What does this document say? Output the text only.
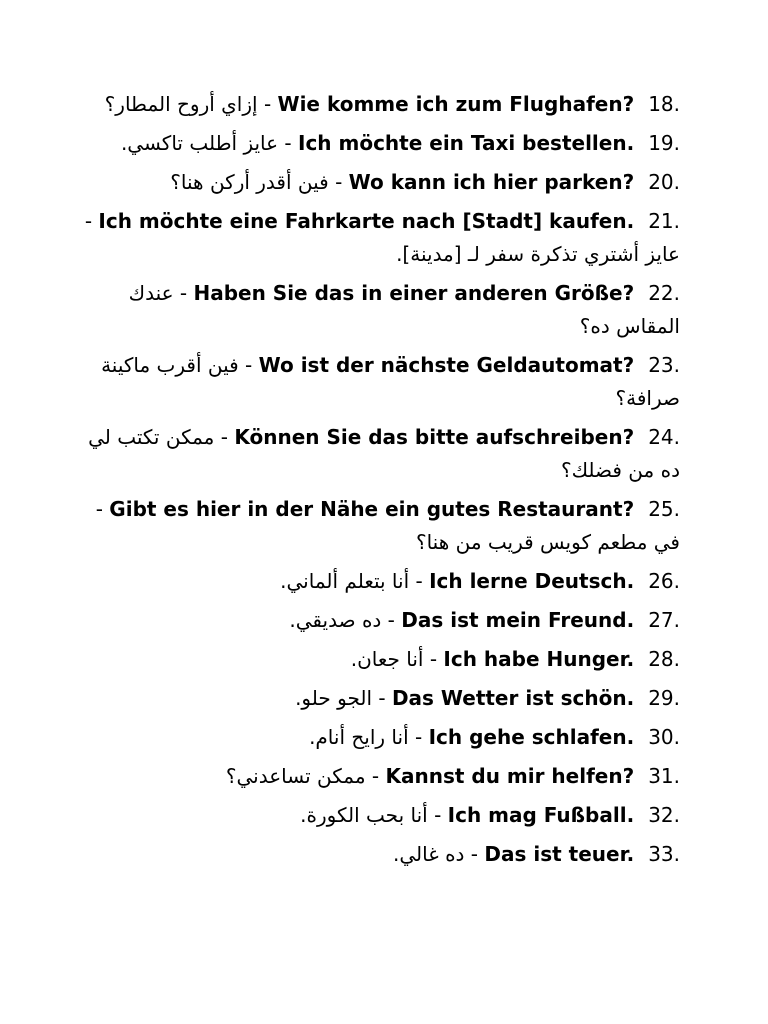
18.Wie komme ich zum Flughafen? - إزاي أروح المطار؟
19.Ich möchte ein Taxi bestellen. - عايز أطلب تاكسي.
20.Wo kann ich hier parken? - فين أقدر أركن هنا؟
21.Ich möchte eine Fahrkarte nach [Stadt] kaufen. - عايز أشتري تذكرة سفر لـ [مدينة].
22.Haben Sie das in einer anderen Größe? - عندك المقاس ده؟
23.Wo ist der nächste Geldautomat? - فين أقرب ماكينة صرافة؟
24.Können Sie das bitte aufschreiben? - ممكن تكتب لي ده من فضلك؟
25.Gibt es hier in der Nähe ein gutes Restaurant? - في مطعم كويس قريب من هنا؟
26.Ich lerne Deutsch. - أنا بتعلم ألماني.
27.Das ist mein Freund. - ده صديقي.
28.Ich habe Hunger. - أنا جعان.
29.Das Wetter ist schön. - الجو حلو.
30.Ich gehe schlafen. - أنا رايح أنام.
31.Kannst du mir helfen? - ممكن تساعدني؟
32.Ich mag Fußball. - أنا بحب الكورة.
33.Das ist teuer. - ده غالي.
